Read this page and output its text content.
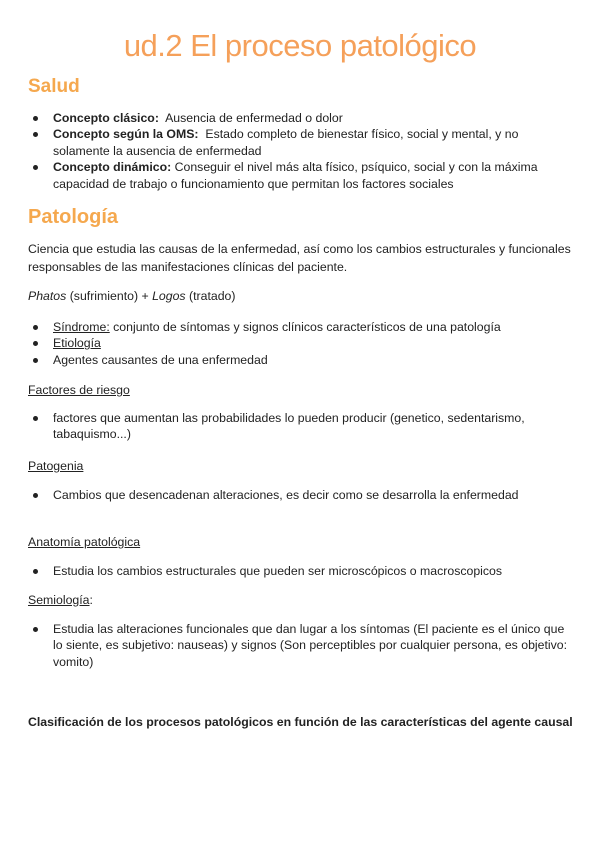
ud.2 El proceso patológico
Salud
Concepto clásico: Ausencia de enfermedad o dolor
Concepto según la OMS: Estado completo de bienestar físico, social y mental, y no solamente la ausencia de enfermedad
Concepto dinámico: Conseguir el nivel más alta físico, psíquico, social y con la máxima capacidad de trabajo o funcionamiento que permitan los factores sociales
Patología
Ciencia que estudia las causas de la enfermedad, así como los cambios estructurales y funcionales responsables de las manifestaciones clínicas del paciente.
Phatos (sufrimiento) + Logos (tratado)
Síndrome: conjunto de síntomas y signos clínicos característicos de una patología
Etiología
Agentes causantes de una enfermedad
Factores de riesgo
factores que aumentan las probabilidades lo pueden producir (genetico, sedentarismo, tabaquismo...)
Patogenia
Cambios que desencadenan alteraciones, es decir como se desarrolla la enfermedad
Anatomía patológica
Estudia los cambios estructurales que pueden ser microscópicos o macroscopicos
Semiología:
Estudia las alteraciones funcionales que dan lugar a los síntomas (El paciente es el único que lo siente, es subjetivo: nauseas) y signos (Son perceptibles por cualquier persona, es objetivo: vomito)
Clasificación de los procesos patológicos en función de las características del agente causal
